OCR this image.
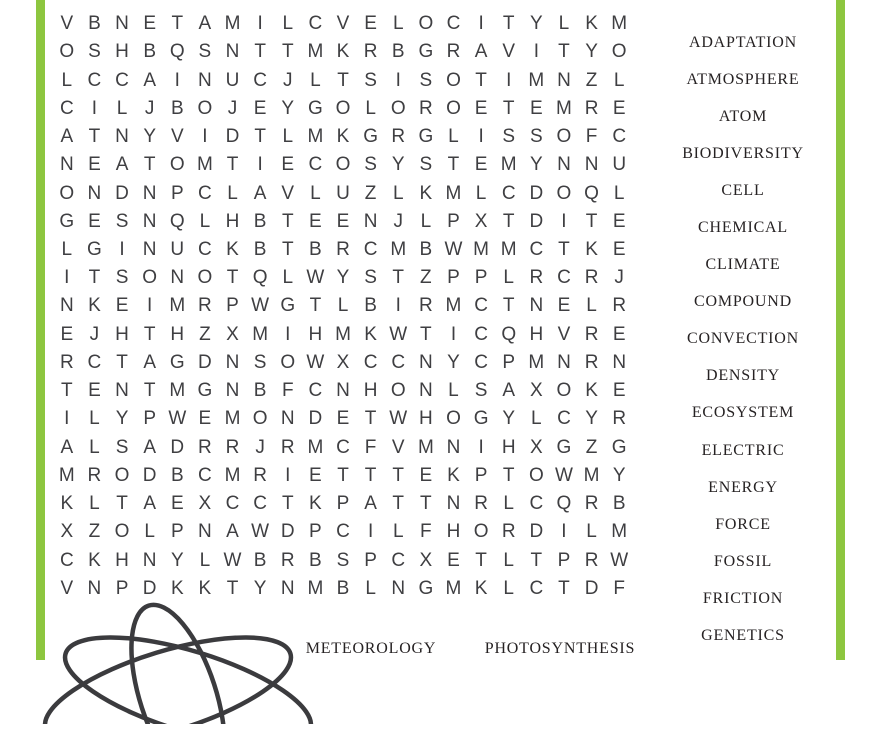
V B N E T A M I	L C V E L O C I	T Y L K M
O S H B Q S N T T M K R B G R A V I	T Y O
L C C A I N U C J L T S I S O T	I M N Z L
C I	L J B O J E Y G O L O R O E T E M R E
A T N Y V I D T L M K G R G L	I S S O F C
N E A T O M T	I E C O S Y S T E M Y N N U
O N D N P C L A V L U Z L K M L C D O Q L
G E S N Q L H B T E E N J L P X T D I	T E
L G I N U C K B T B R C M B W M M C T K E
I	T S O N O T Q L W Y S T Z P P L R C R J
N K E I M R P W G T L B I R M C T N E L R
E J H T H Z X M I H M K W T	I C Q H V R E
R C T A G D N S O W X C C N Y C P M N R N
T E N T M G N B F C N H O N L S A X O K E
I	L Y P W E M O N D E T W H O G Y L C Y R
A L S A D R R J R M C F V M N I H X G Z G
M R O D B C M R I E T T T E K P T O W M Y
K L T A E X C C T K P A T T N R L C Q R B
X Z O L P N A W D P C I	L F H O R D I	L M
C K H N Y L W B R B S P C X E T L T P R W
V N P D K K T Y N M B L N G M K L C T D F
ADAPTATION
ATMOSPHERE
ATOM
BIODIVERSITY
CELL
CHEMICAL
CLIMATE
COMPOUND
CONVECTION
DENSITY
ECOSYSTEM
ELECTRIC
ENERGY
FORCE
FOSSIL
FRICTION
GENETICS
METEOROLOGY	PHOTOSYNTHESIS
